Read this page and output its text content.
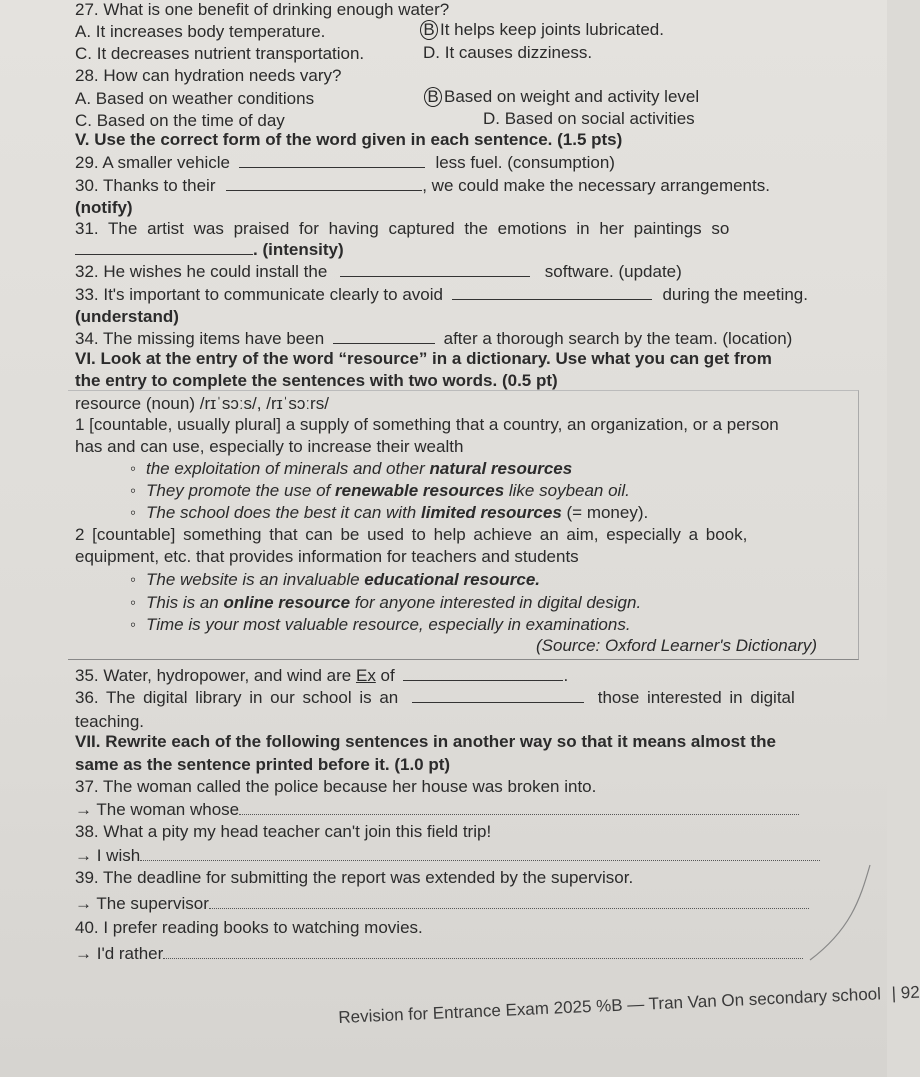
27. What is one benefit of drinking enough water?
A. It increases body temperature.	B It helps keep joints lubricated.
C. It decreases nutrient transportation.	D. It causes dizziness.
28. How can hydration needs vary?
A. Based on weather conditions	B Based on weight and activity level
C. Based on the time of day	D. Based on social activities
V. Use the correct form of the word given in each sentence. (1.5 pts)
29. A smaller vehicle	less fuel. (consumption)
30. Thanks to their	, we could make the necessary arrangements.
(notify)
31. The artist was praised for having captured the emotions in her paintings so
. (intensity)
32. He wishes he could install the	software. (update)
33. It's important to communicate clearly to avoid	during the meeting.
(understand)
34. The missing items have been	after a thorough search by the team. (location)
VI. Look at the entry of the word “resource” in a dictionary. Use what you can get from
the entry to complete the sentences with two words. (0.5 pt)
resource (noun) /rɪˈsɔːs/, /rɪˈsɔːrs/
1 [countable, usually plural] a supply of something that a country, an organization, or a person
has and can use, especially to increase their wealth
◦ the exploitation of minerals and other natural resources
◦ They promote the use of renewable resources like soybean oil.
◦ The school does the best it can with limited resources (= money).
2 [countable] something that can be used to help achieve an aim, especially a book,
equipment, etc. that provides information for teachers and students
◦ The website is an invaluable educational resource.
◦ This is an online resource for anyone interested in digital design.
◦ Time is your most valuable resource, especially in examinations.
(Source: Oxford Learner's Dictionary)
35. Water, hydropower, and wind are Ex of	.
36. The digital library in our school is an	those interested in digital
teaching.
VII. Rewrite each of the following sentences in another way so that it means almost the
same as the sentence printed before it. (1.0 pt)
37. The woman called the police because her house was broken into.
→ The woman whose
38. What a pity my head teacher can't join this field trip!
→ I wish
39. The deadline for submitting the report was extended by the supervisor.
→ The supervisor
40. I prefer reading books to watching movies.
→ I'd rather
Revision for Entrance Exam 2025 %B — Tran Van On secondary school | 92
